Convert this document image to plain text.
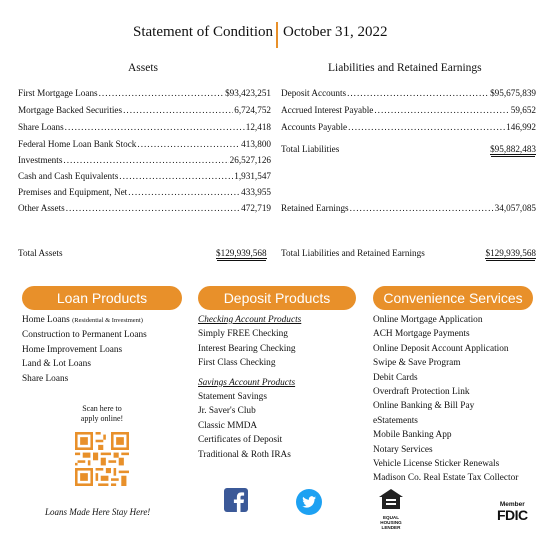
Statement of Condition October 31, 2022
Assets	Liabilities and Retained Earnings
First Mortgage Loans .....	$93,423,251
Mortgage Backed Securities .....	6,724,752
Share Loans .....	12,418
Federal Home Loan Bank Stock .....	413,800
Investments .....	26,527,126
Cash and Cash Equivalents .....	1,931,547
Premises and Equipment, Net .....	433,955
Other Assets .....	472,719
Deposit Accounts .....	$95,675,839
Accrued Interest Payable .....	59,652
Accounts Payable .....	146,992
Total Liabilities	$95,882,483
Retained Earnings .....	34,057,085
Total Assets	$129,939,568 Total Liabilities and Retained Earnings	$129,939,568
Loan Products	Deposit Products	Convenience Services
Home Loans (Residential & Investment)
Construction to Permanent Loans
Home Improvement Loans
Land & Lot Loans
Share Loans
Scan here to
apply online!
Loans Made Here Stay Here!
Checking Account Products
Simply FREE Checking
Interest Bearing Checking
First Class Checking
Savings Account Products
Statement Savings
Jr. Saver's Club
Classic MMDA
Certificates of Deposit
Traditional & Roth IRAs
Online Mortgage Application
ACH Mortgage Payments
Online Deposit Account Application
Swipe & Save Program
Debit Cards
Overdraft Protection Link
Online Banking & Bill Pay
eStatements
Mobile Banking App
Notary Services
Vehicle License Sticker Renewals
Madison Co. Real Estate Tax Collector
EQUAL HOUSING LENDER
Member
FDIC
